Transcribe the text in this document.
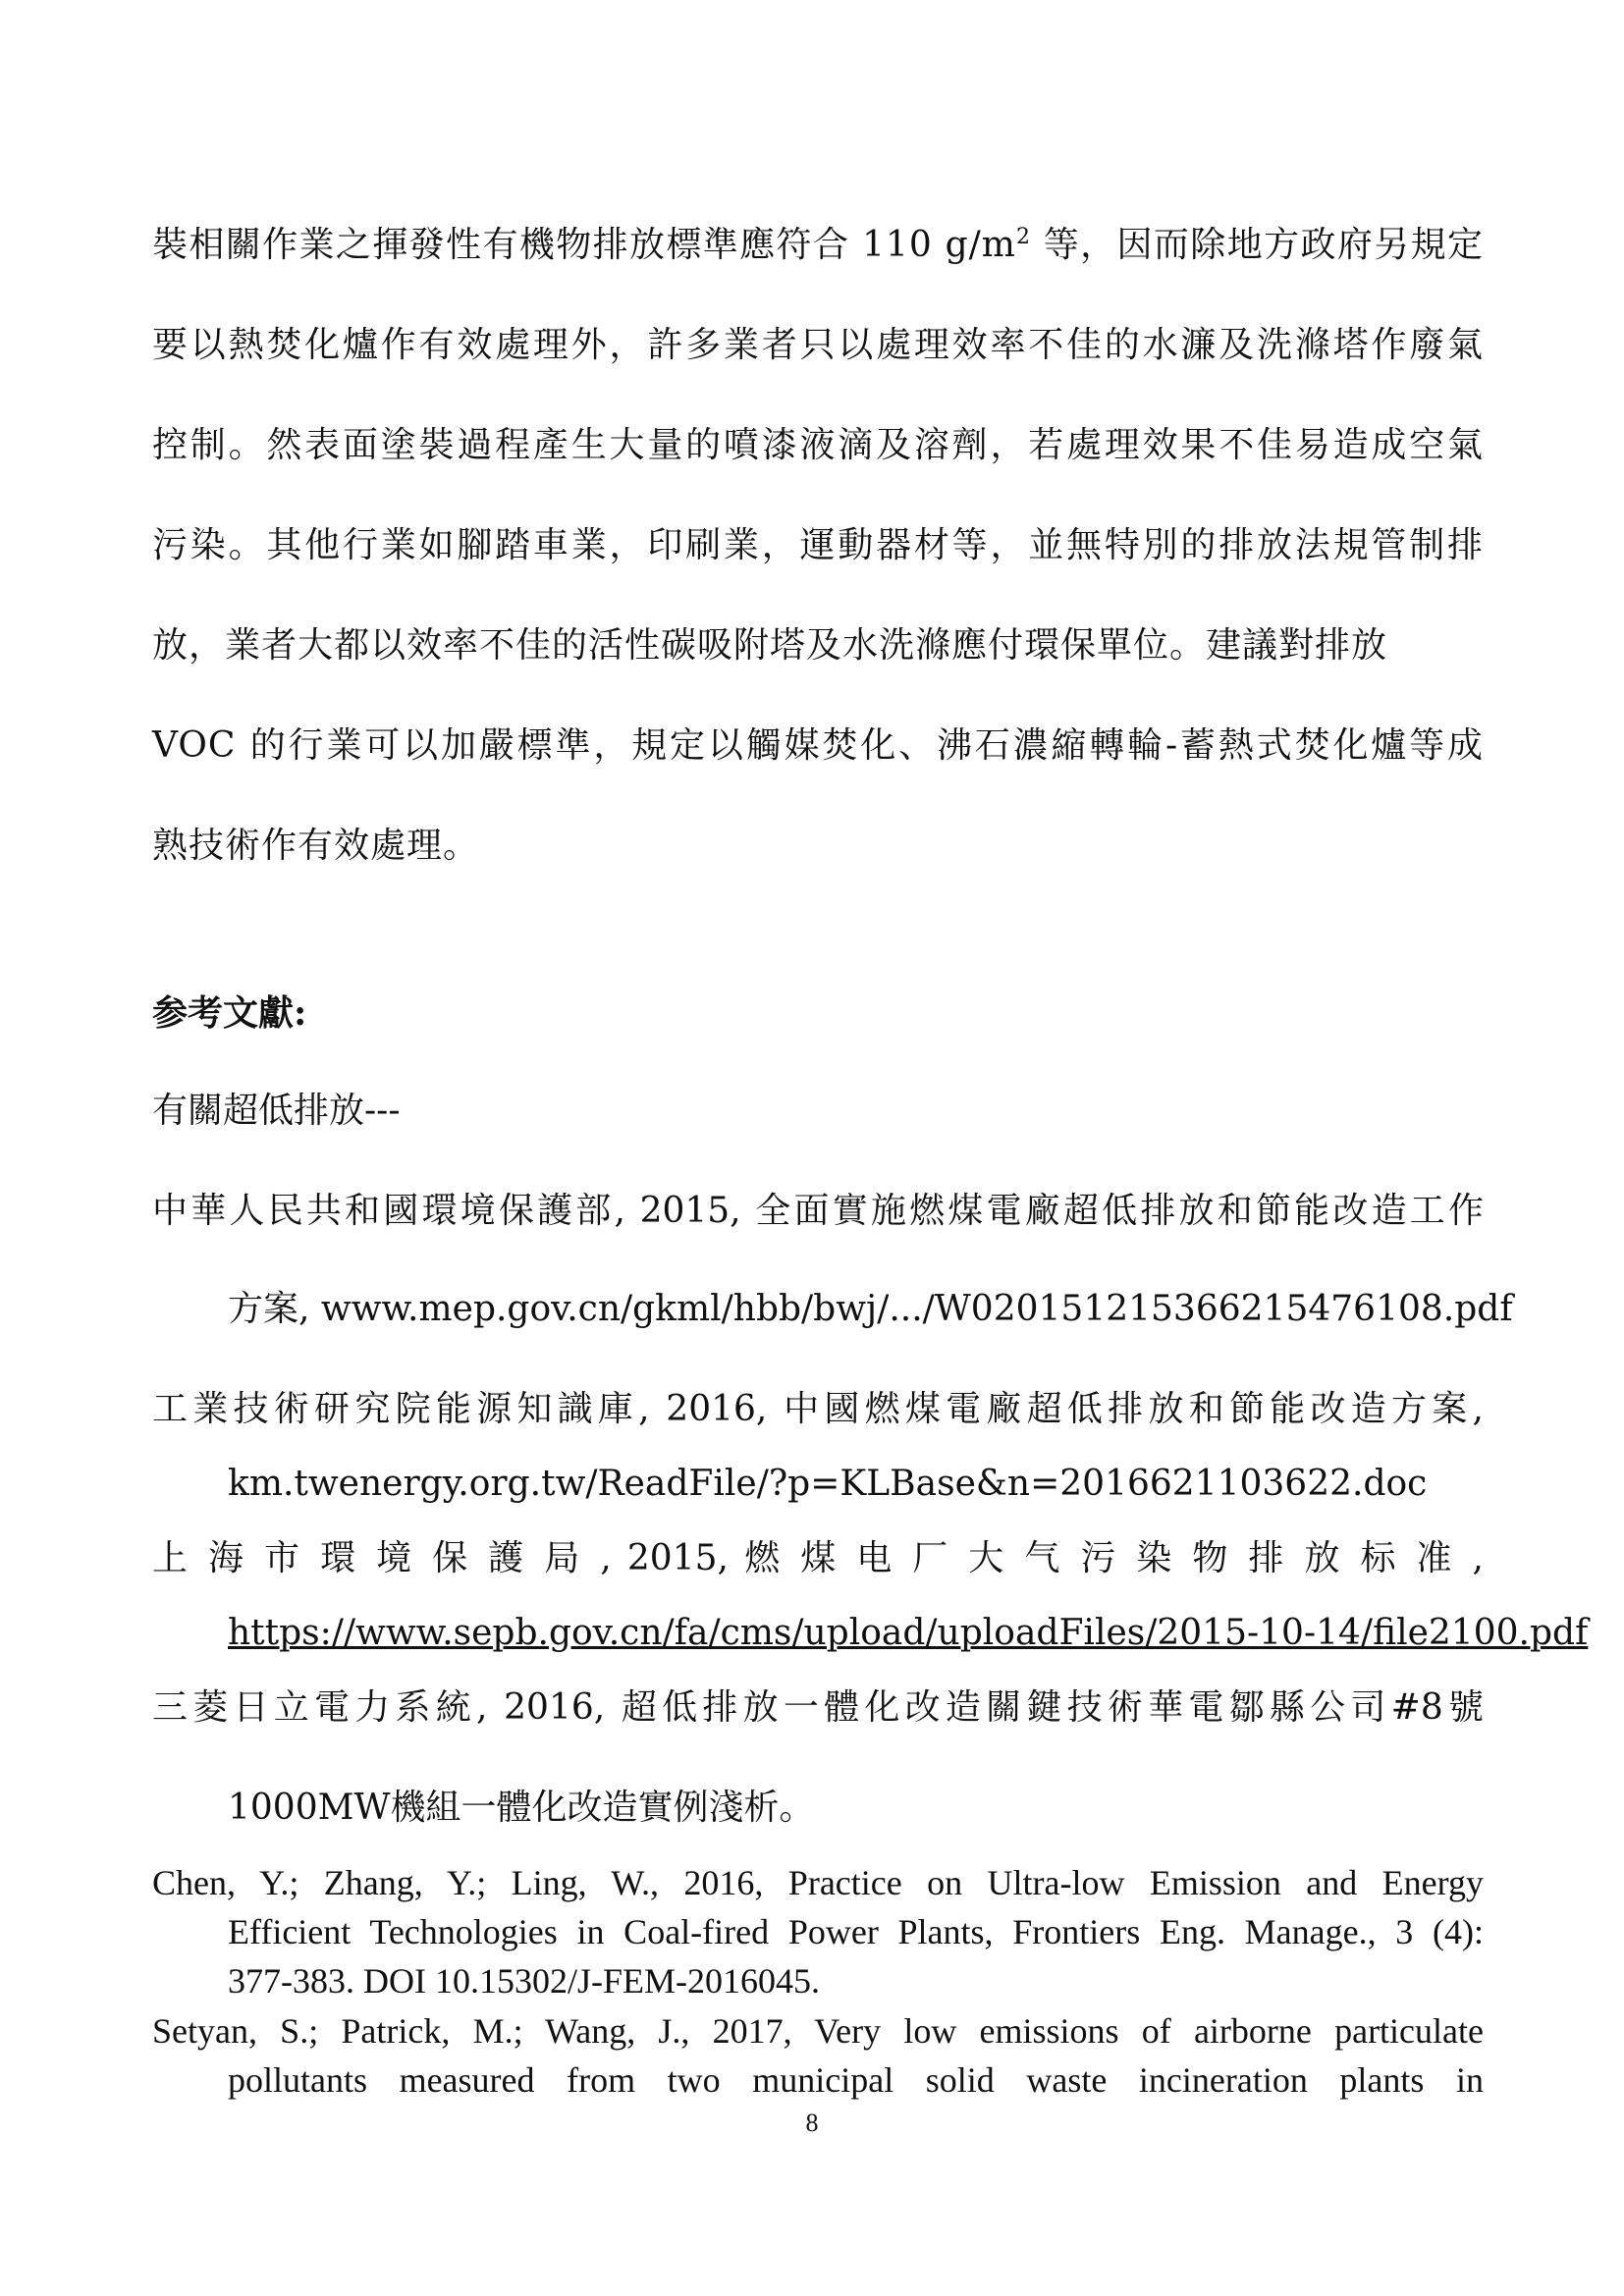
裝相關作業之揮發性有機物排放標準應符合 110 $g/m^2$ 等，因而除地方政府另規定
要以熱焚化爐作有效處理外，許多業者只以處理效率不佳的水濂及洗滌塔作廢氣
控制。然表面塗裝過程產生大量的噴漆液滴及溶劑，若處理效果不佳易造成空氣
污染。其他行業如腳踏車業，印刷業，運動器材等，並無特別的排放法規管制排
放，業者大都以效率不佳的活性碳吸附塔及水洗滌應付環保單位。建議對排放
VOC 的行業可以加嚴標準，規定以觸媒焚化、沸石濃縮轉輪-蓄熱式焚化爐等成
熟技術作有效處理。
参考文獻:
有關超低排放---
中華人民共和國環境保護部, 2015, 全面實施燃煤電廠超低排放和節能改造工作
方案, www.mep.gov.cn/gkml/hbb/bwj/.../W020151215366215476108.pdf
工業技術研究院能源知識庫, 2016, 中國燃煤電廠超低排放和節能改造方案,
km.twenergy.org.tw/ReadFile/?p=KLBase&n=2016621103622.doc
上 海 市 環 境 保 護 局 , 2015, 燃 煤 电 厂 大 气 污 染 物 排 放 标 准 ,
https://www.sepb.gov.cn/fa/cms/upload/uploadFiles/2015-10-14/file2100.pdf
三菱日立電力系統, 2016, 超低排放一體化改造關鍵技術華電鄒縣公司#8號
1000MW機組一體化改造實例淺析。
Chen, Y.; Zhang, Y.; Ling, W., 2016, Practice on Ultra-low Emission and Energy
Efficient Technologies in Coal-fired Power Plants, Frontiers Eng. Manage., 3 (4):
377-383. DOI 10.15302/J-FEM-2016045.
Setyan, S.; Patrick, M.; Wang, J., 2017, Very low emissions of airborne particulate
pollutants measured from two municipal solid waste incineration plants in
8
